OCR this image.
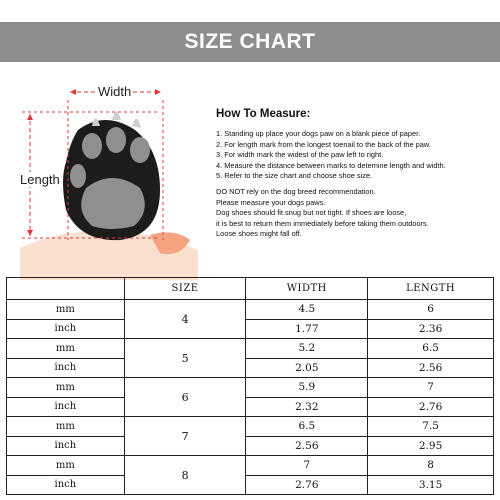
SIZE CHART
Width
Length
How To Measure:
1. Standing up place your dogs paw on a blank piece of paper.
2. For length mark from the longest toenail to the back of the paw.
3. For width mark the widest of the paw left to right.
4. Measure the distance between marks to detemine length and width.
5. Refer to the size chart and choose shoe size.
DO NOT rely on the dog breed recommendation.
Please measure your dogs paws.
Dog shoes should fit snug but not tight. If shoes are loose,
it is best to return them immediately before taking them outdoors.
Loose shoes might fall off.
	SIZE	WIDTH	LENGTH
mm	4	4.5	6
inch		1.77	2.36
mm	5	5.2	6.5
inch		2.05	2.56
mm	6	5.9	7
inch		2.32	2.76
mm	7	6.5	7.5
inch		2.56	2.95
mm	8	7	8
inch		2.76	3.15
